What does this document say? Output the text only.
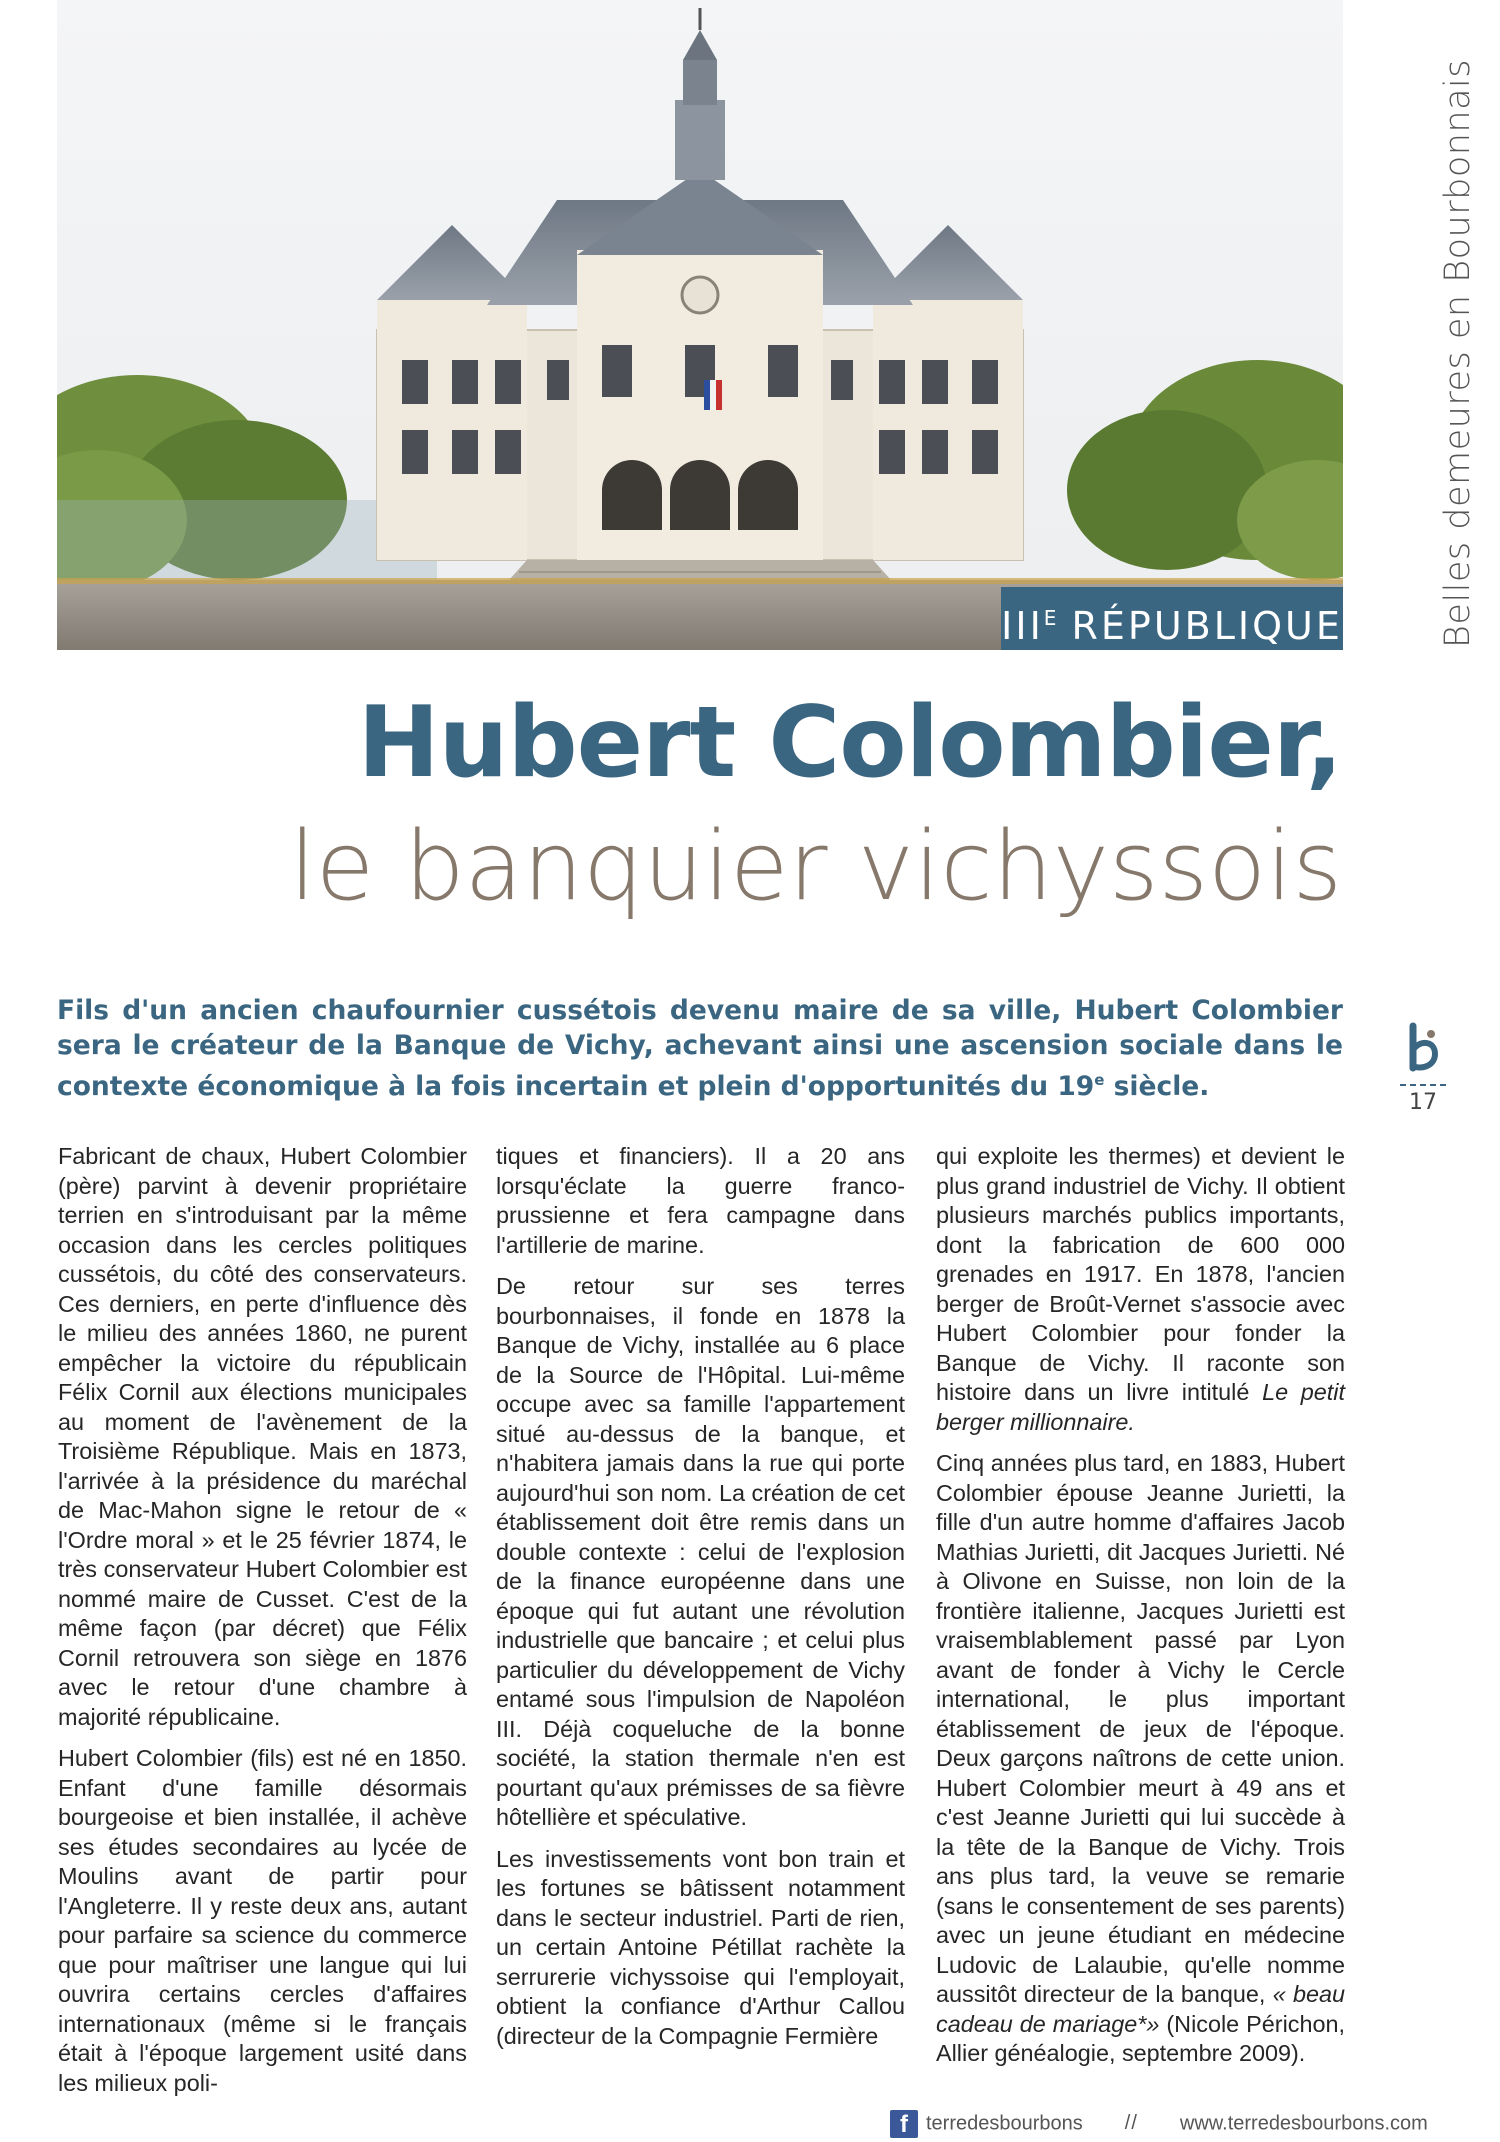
$III^E$ RÉPUBLIQUE	Belles demeures en Bourbonnais
17
Hubert Colombier,
le banquier vichyssois

Fils d'un ancien chaufournier cussétois devenu maire de sa ville, Hubert Colombier sera le créateur de la Banque de Vichy, achevant ainsi une ascension sociale dans le contexte économique à la fois incertain et plein d'opportunités du 19e siècle.

Fabricant de chaux, Hubert Colombier (père) parvint à devenir propriétaire terrien en s'introduisant par la même occasion dans les cercles politiques cussétois, du côté des conservateurs. Ces derniers, en perte d'influence dès le milieu des années 1860, ne purent empêcher la victoire du républicain Félix Cornil aux élections municipales au moment de l'avènement de la Troisième République. Mais en 1873, l'arrivée à la présidence du maréchal de Mac-Mahon signe le retour de « l'Ordre moral » et le 25 février 1874, le très conservateur Hubert Colombier est nommé maire de Cusset. C'est de la même façon (par décret) que Félix Cornil retrouvera son siège en 1876 avec le retour d'une chambre à majorité républicaine.

Hubert Colombier (fils) est né en 1850. Enfant d'une famille désormais bourgeoise et bien installée, il achève ses études secondaires au lycée de Moulins avant de partir pour l'Angleterre. Il y reste deux ans, autant pour parfaire sa science du commerce que pour maîtriser une langue qui lui ouvrira certains cercles d'affaires internationaux (même si le français était à l'époque largement usité dans les milieux poli-

tiques et financiers). Il a 20 ans lorsqu'éclate la guerre franco-prussienne et fera campagne dans l'artillerie de marine.

De retour sur ses terres bourbonnaises, il fonde en 1878 la Banque de Vichy, installée au 6 place de la Source de l'Hôpital. Lui-même occupe avec sa famille l'appartement situé au-dessus de la banque, et n'habitera jamais dans la rue qui porte aujourd'hui son nom. La création de cet établissement doit être remis dans un double contexte : celui de l'explosion de la finance européenne dans une époque qui fut autant une révolution industrielle que bancaire ; et celui plus particulier du développement de Vichy entamé sous l'impulsion de Napoléon III. Déjà coqueluche de la bonne société, la station thermale n'en est pourtant qu'aux prémisses de sa fièvre hôtellière et spéculative.

Les investissements vont bon train et les fortunes se bâtissent notamment dans le secteur industriel. Parti de rien, un certain Antoine Pétillat rachète la serrurerie vichyssoise qui l'employait, obtient la confiance d'Arthur Callou (directeur de la Compagnie Fermière

qui exploite les thermes) et devient le plus grand industriel de Vichy. Il obtient plusieurs marchés publics importants, dont la fabrication de 600 000 grenades en 1917. En 1878, l'ancien berger de Broût-Vernet s'associe avec Hubert Colombier pour fonder la Banque de Vichy. Il raconte son histoire dans un livre intitulé Le petit berger millionnaire.

Cinq années plus tard, en 1883, Hubert Colombier épouse Jeanne Jurietti, la fille d'un autre homme d'affaires Jacob Mathias Jurietti, dit Jacques Jurietti. Né à Olivone en Suisse, non loin de la frontière italienne, Jacques Jurietti est vraisemblablement passé par Lyon avant de fonder à Vichy le Cercle international, le plus important établissement de jeux de l'époque. Deux garçons naîtrons de cette union. Hubert Colombier meurt à 49 ans et c'est Jeanne Jurietti qui lui succède à la tête de la Banque de Vichy. Trois ans plus tard, la veuve se remarie (sans le consentement de ses parents) avec un jeune étudiant en médecine Ludovic de Lalaubie, qu'elle nomme aussitôt directeur de la banque, « beau cadeau de mariage*» (Nicole Périchon, Allier généalogie, septembre 2009).

f terredesbourbons // www.terredesbourbons.com
